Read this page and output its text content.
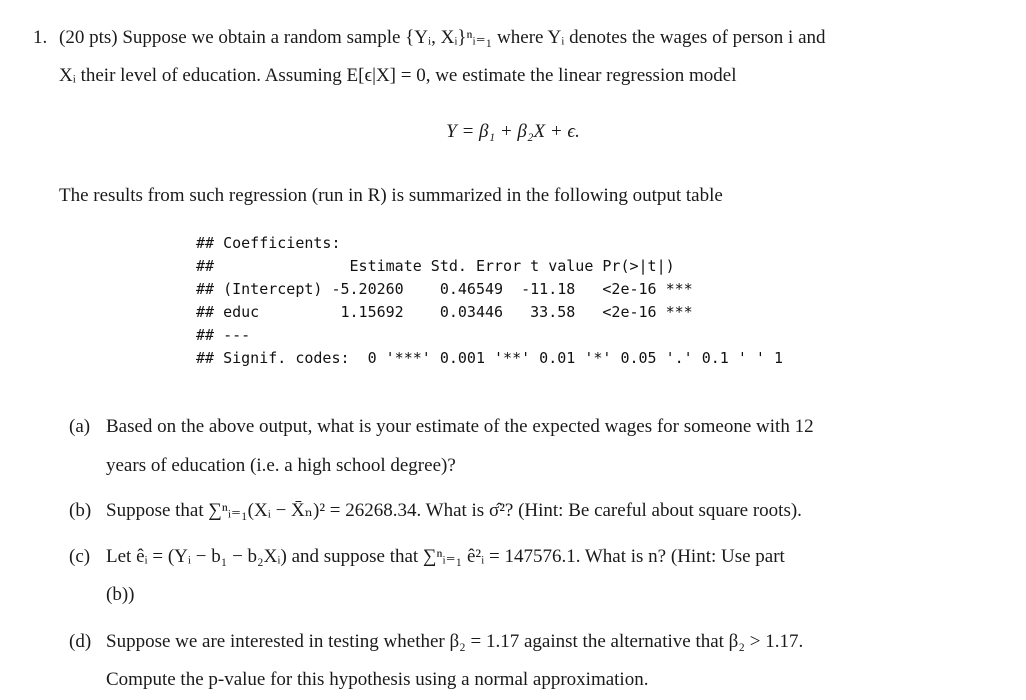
1. (20 pts) Suppose we obtain a random sample {Yᵢ, Xᵢ}ⁿᵢ₌₁ where Yᵢ denotes the wages of person i and
Xᵢ their level of education. Assuming E[ϵ|X] = 0, we estimate the linear regression model
Y = β₁ + β₂X + ϵ.
The results from such regression (run in R) is summarized in the following output table
## Coefficients:
##               Estimate Std. Error t value Pr(>|t|)
## (Intercept) -5.20260    0.46549  -11.18   <2e-16 ***
## educ         1.15692    0.03446   33.58   <2e-16 ***
## ---
## Signif. codes:  0 '***' 0.001 '**' 0.01 '*' 0.05 '.' 0.1 ' ' 1
(a) Based on the above output, what is your estimate of the expected wages for someone with 12
years of education (i.e. a high school degree)?
(b) Suppose that ∑ⁿᵢ₌₁(Xᵢ − X̄ₙ)² = 26268.34. What is σ̂²? (Hint: Be careful about square roots).
(c) Let êᵢ = (Yᵢ − b₁ − b₂Xᵢ) and suppose that ∑ⁿᵢ₌₁ ê²ᵢ = 147576.1. What is n? (Hint: Use part
(b))
(d) Suppose we are interested in testing whether β₂ = 1.17 against the alternative that β₂ > 1.17.
Compute the p-value for this hypothesis using a normal approximation.
